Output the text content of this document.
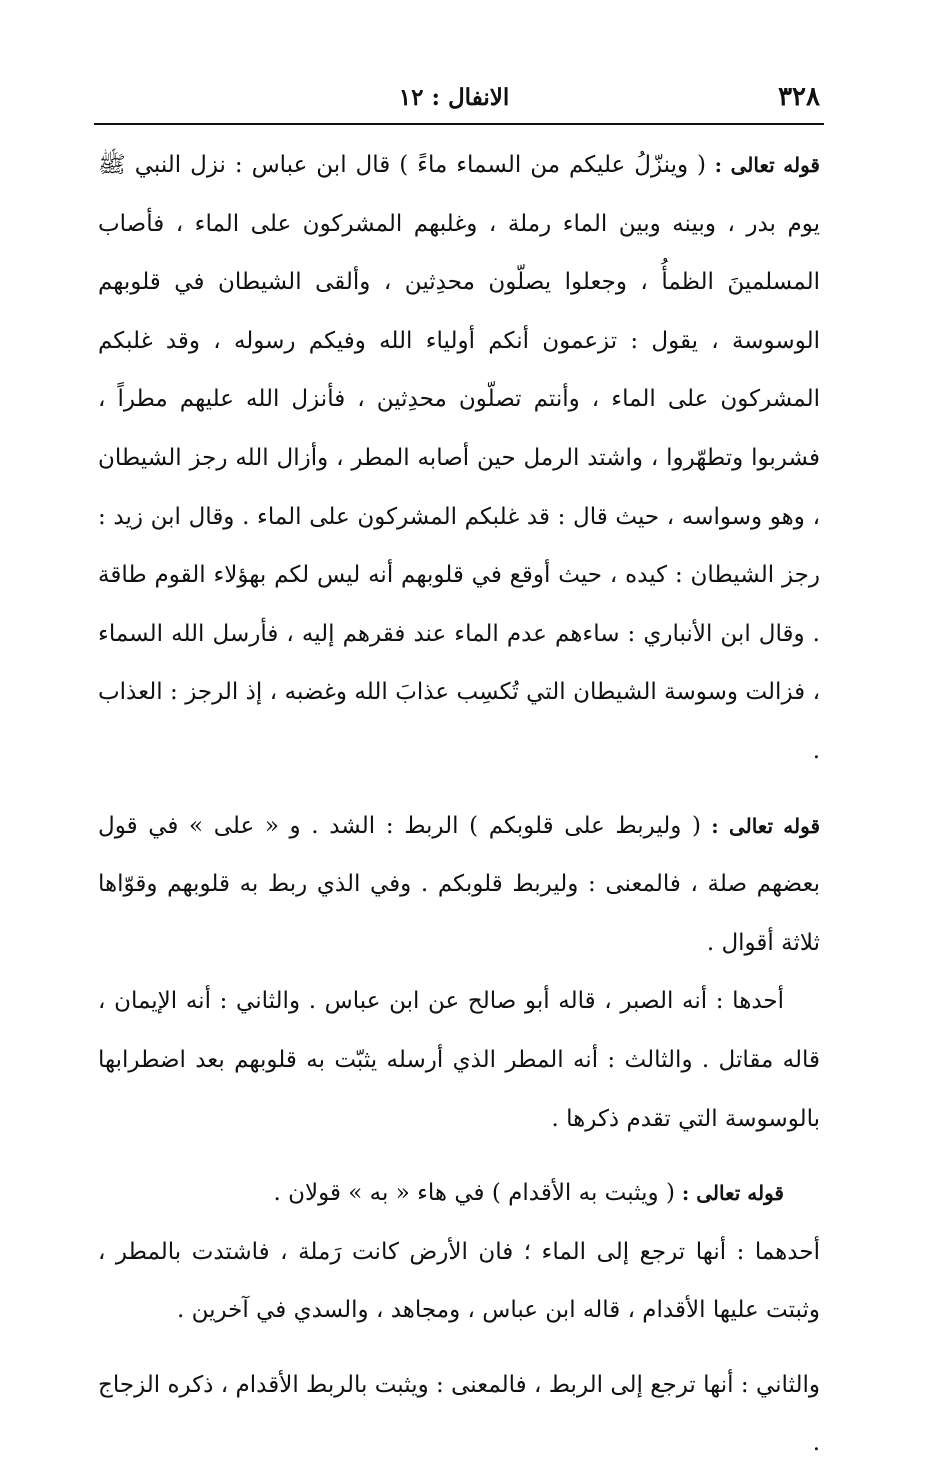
٣٢٨
الانفال : ١٢

قوله تعالى : ( وينزّلُ عليكم من السماء ماءً ) قال ابن عباس : نزل النبي ﷺ يوم بدر ، وبينه وبين الماء رملة ، وغلبهم المشركون على الماء ، فأصاب المسلمينَ الظمأُ ، وجعلوا يصلّون محدِثين ، وألقى الشيطان في قلوبهم الوسوسة ، يقول : تزعمون أنكم أولياء الله وفيكم رسوله ، وقد غلبكم المشركون على الماء ، وأنتم تصلّون محدِثين ، فأنزل الله عليهم مطراً ، فشربوا وتطهّروا ، واشتد الرمل حين أصابه المطر ، وأزال الله رجز الشيطان ، وهو وسواسه ، حيث قال : قد غلبكم المشركون على الماء . وقال ابن زيد : رجز الشيطان : كيده ، حيث أوقع في قلوبهم أنه ليس لكم بهؤلاء القوم طاقة . وقال ابن الأنباري : ساءهم عدم الماء عند فقرهم إليه ، فأرسل الله السماء ، فزالت وسوسة الشيطان التي تُكسِب عذابَ الله وغضبه ، إذ الرجز : العذاب .

قوله تعالى : ( وليربط على قلوبكم ) الربط : الشد . و « على » في قول بعضهم صلة ، فالمعنى : وليربط قلوبكم . وفي الذي ربط به قلوبهم وقوّاها ثلاثة أقوال .

أحدها : أنه الصبر ، قاله أبو صالح عن ابن عباس . والثاني : أنه الإيمان ، قاله مقاتل . والثالث : أنه المطر الذي أرسله يثبّت به قلوبهم بعد اضطرابها بالوسوسة التي تقدم ذكرها .

قوله تعالى : ( ويثبت به الأقدام ) في هاء « به » قولان .

أحدهما : أنها ترجع إلى الماء ؛ فان الأرض كانت رَملة ، فاشتدت بالمطر ، وثبتت عليها الأقدام ، قاله ابن عباس ، ومجاهد ، والسدي في آخرين .

والثاني : أنها ترجع إلى الربط ، فالمعنى : ويثبت بالربط الأقدام ، ذكره الزجاج .
